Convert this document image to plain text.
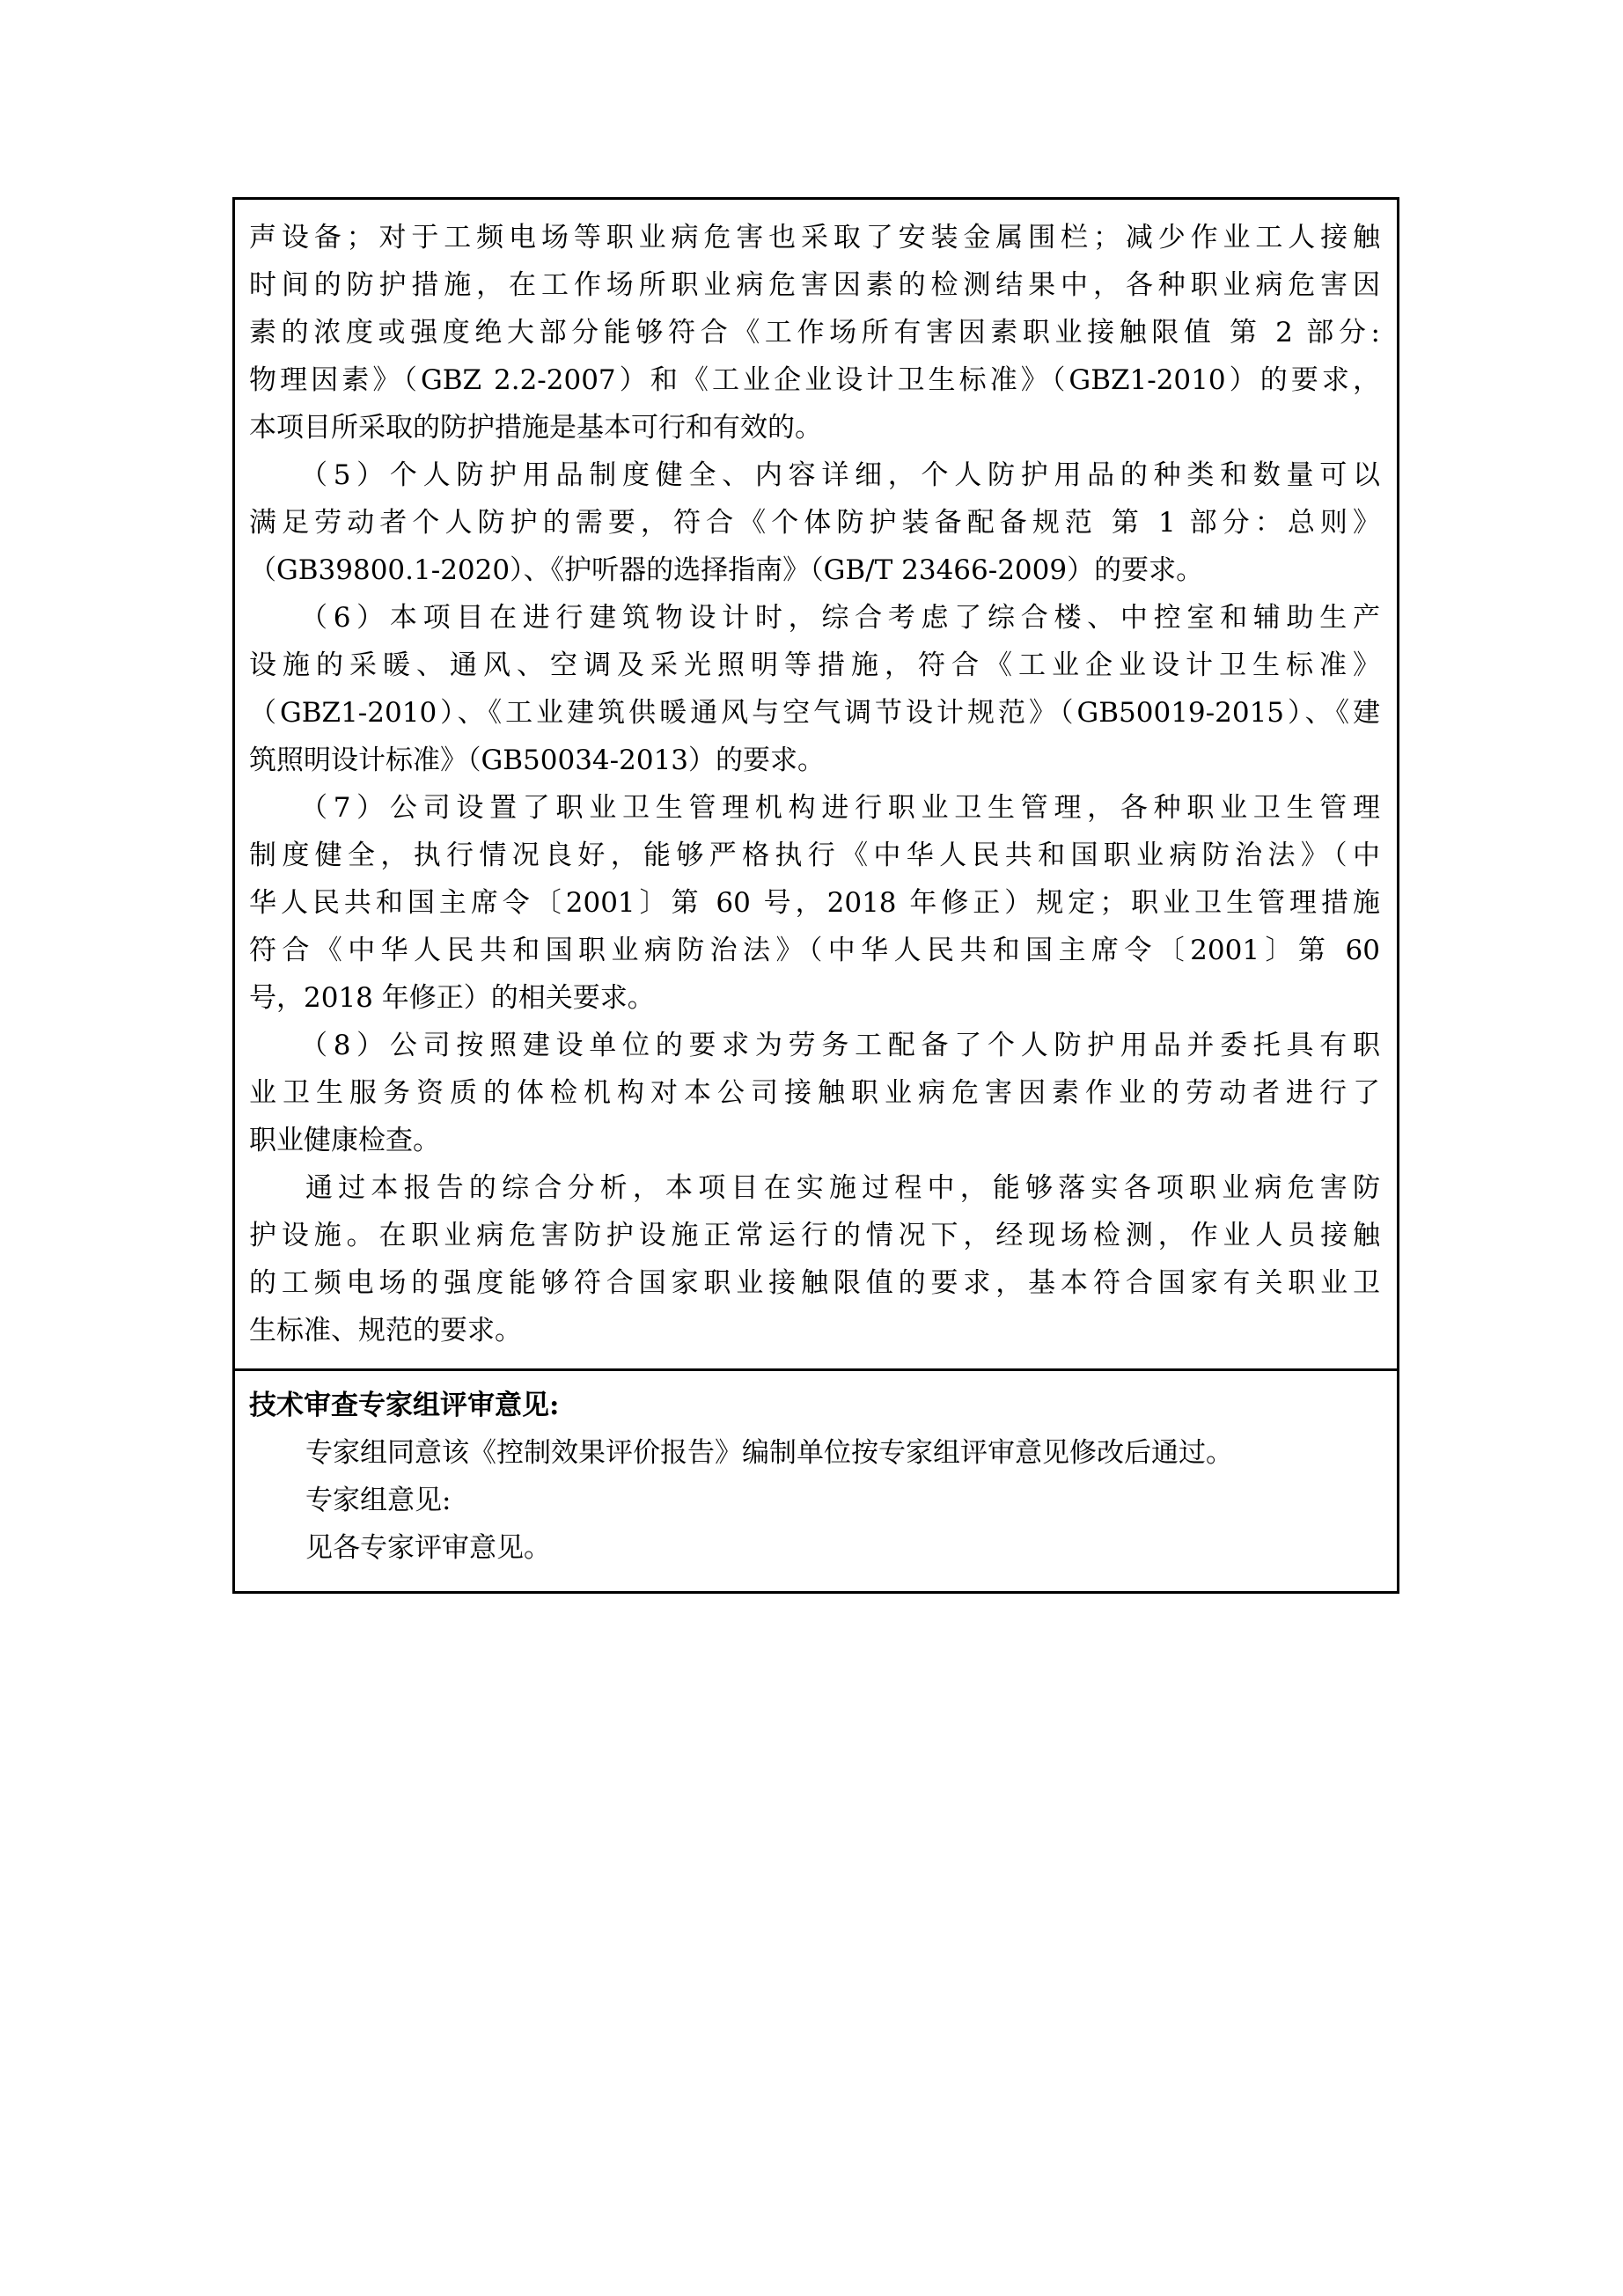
声设备；对于工频电场等职业病危害也采取了安装金属围栏；减少作业工人接触
时间的防护措施，在工作场所职业病危害因素的检测结果中，各种职业病危害因
素的浓度或强度绝大部分能够符合《工作场所有害因素职业接触限值 第 2 部分:
物理因素》（GBZ 2.2-2007）和《工业企业设计卫生标准》（GBZ1-2010）的要求，
本项目所采取的防护措施是基本可行和有效的。
（5）个人防护用品制度健全、内容详细，个人防护用品的种类和数量可以
满足劳动者个人防护的需要，符合《个体防护装备配备规范 第 1 部分：总则》
（GB39800.1-2020）、《护听器的选择指南》（GB/T 23466-2009）的要求。
（6）本项目在进行建筑物设计时，综合考虑了综合楼、中控室和辅助生产
设施的采暖、通风、空调及采光照明等措施，符合《工业企业设计卫生标准》
（GBZ1-2010）、《工业建筑供暖通风与空气调节设计规范》（GB50019-2015）、《建
筑照明设计标准》（GB50034-2013）的要求。
（7）公司设置了职业卫生管理机构进行职业卫生管理，各种职业卫生管理
制度健全，执行情况良好，能够严格执行《中华人民共和国职业病防治法》（中
华人民共和国主席令〔2001〕第 60 号，2018 年修正）规定；职业卫生管理措施
符合《中华人民共和国职业病防治法》（中华人民共和国主席令〔2001〕第 60
号，2018 年修正）的相关要求。
（8）公司按照建设单位的要求为劳务工配备了个人防护用品并委托具有职
业卫生服务资质的体检机构对本公司接触职业病危害因素作业的劳动者进行了
职业健康检查。
通过本报告的综合分析，本项目在实施过程中，能够落实各项职业病危害防
护设施。在职业病危害防护设施正常运行的情况下，经现场检测，作业人员接触
的工频电场的强度能够符合国家职业接触限值的要求，基本符合国家有关职业卫
生标准、规范的要求。
技术审查专家组评审意见:
专家组同意该《控制效果评价报告》编制单位按专家组评审意见修改后通过。
专家组意见:
见各专家评审意见。
